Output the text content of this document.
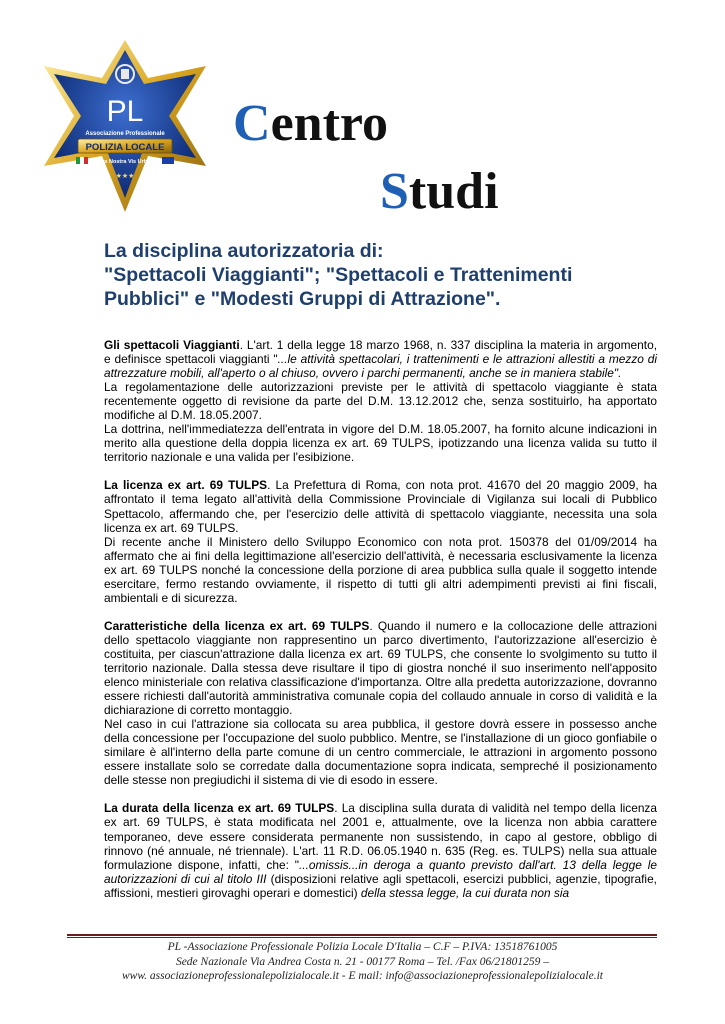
PL
Associazione Professionale
POLIZIA LOCALE
Ars Nostra Vis Urbis
★★★
Centro
Studi
La disciplina autorizzatoria di:
"Spettacoli Viaggianti"; "Spettacoli e Trattenimenti
Pubblici" e "Modesti Gruppi di Attrazione".

Gli spettacoli Viaggianti. L'art. 1 della legge 18 marzo 1968, n. 337 disciplina la materia in argomento, e definisce spettacoli viaggianti "...le attività spettacolari, i trattenimenti e le attrazioni allestiti a mezzo di attrezzature mobili, all'aperto o al chiuso, ovvero i parchi permanenti, anche se in maniera stabile".

La regolamentazione delle autorizzazioni previste per le attività di spettacolo viaggiante è stata recentemente oggetto di revisione da parte del D.M. 13.12.2012 che, senza sostituirlo, ha apportato modifiche al D.M. 18.05.2007.

La dottrina, nell'immediatezza dell'entrata in vigore del D.M. 18.05.2007, ha fornito alcune indicazioni in merito alla questione della doppia licenza ex art. 69 TULPS, ipotizzando una licenza valida su tutto il territorio nazionale e una valida per l'esibizione.

La licenza ex art. 69 TULPS. La Prefettura di Roma, con nota prot. 41670 del 20 maggio 2009, ha affrontato il tema legato all'attività della Commissione Provinciale di Vigilanza sui locali di Pubblico Spettacolo, affermando che, per l'esercizio delle attività di spettacolo viaggiante, necessita una sola licenza ex art. 69 TULPS.

Di recente anche il Ministero dello Sviluppo Economico con nota prot. 150378 del 01/09/2014 ha affermato che ai fini della legittimazione all'esercizio dell'attività, è necessaria esclusivamente la licenza ex art. 69 TULPS nonché la concessione della porzione di area pubblica sulla quale il soggetto intende esercitare, fermo restando ovviamente, il rispetto di tutti gli altri adempimenti previsti ai fini fiscali, ambientali e di sicurezza.

Caratteristiche della licenza ex art. 69 TULPS. Quando il numero e la collocazione delle attrazioni dello spettacolo viaggiante non rappresentino un parco divertimento, l'autorizzazione all'esercizio è costituita, per ciascun'attrazione dalla licenza ex art. 69 TULPS, che consente lo svolgimento su tutto il territorio nazionale. Dalla stessa deve risultare il tipo di giostra nonché il suo inserimento nell'apposito elenco ministeriale con relativa classificazione d'importanza. Oltre alla predetta autorizzazione, dovranno essere richiesti dall'autorità amministrativa comunale copia del collaudo annuale in corso di validità e la dichiarazione di corretto montaggio.

Nel caso in cui l'attrazione sia collocata su area pubblica, il gestore dovrà essere in possesso anche della concessione per l'occupazione del suolo pubblico. Mentre, se l'installazione di un gioco gonfiabile o similare è all'interno della parte comune di un centro commerciale, le attrazioni in argomento possono essere installate solo se corredate dalla documentazione sopra indicata, sempreché il posizionamento delle stesse non pregiudichi il sistema di vie di esodo in essere.

La durata della licenza ex art. 69 TULPS. La disciplina sulla durata di validità nel tempo della licenza ex art. 69 TULPS, è stata modificata nel 2001 e, attualmente, ove la licenza non abbia carattere temporaneo, deve essere considerata permanente non sussistendo, in capo al gestore, obbligo di rinnovo (né annuale, né triennale). L'art. 11 R.D. 06.05.1940 n. 635 (Reg. es. TULPS) nella sua attuale formulazione dispone, infatti, che: "...omissis...in deroga a quanto previsto dall'art. 13 della legge le autorizzazioni di cui al titolo III (disposizioni relative agli spettacoli, esercizi pubblici, agenzie, tipografie, affissioni, mestieri girovaghi operari e domestici) della stessa legge, la cui durata non sia

PL -Associazione Professionale Polizia Locale D'Italia – C.F – P.IVA: 13518761005
Sede Nazionale Via Andrea Costa n. 21 - 00177 Roma – Tel. /Fax 06/21801259 –
www. associazioneprofessionalepolizialocale.it - E mail: info@associazioneprofessionalepolizialocale.it
